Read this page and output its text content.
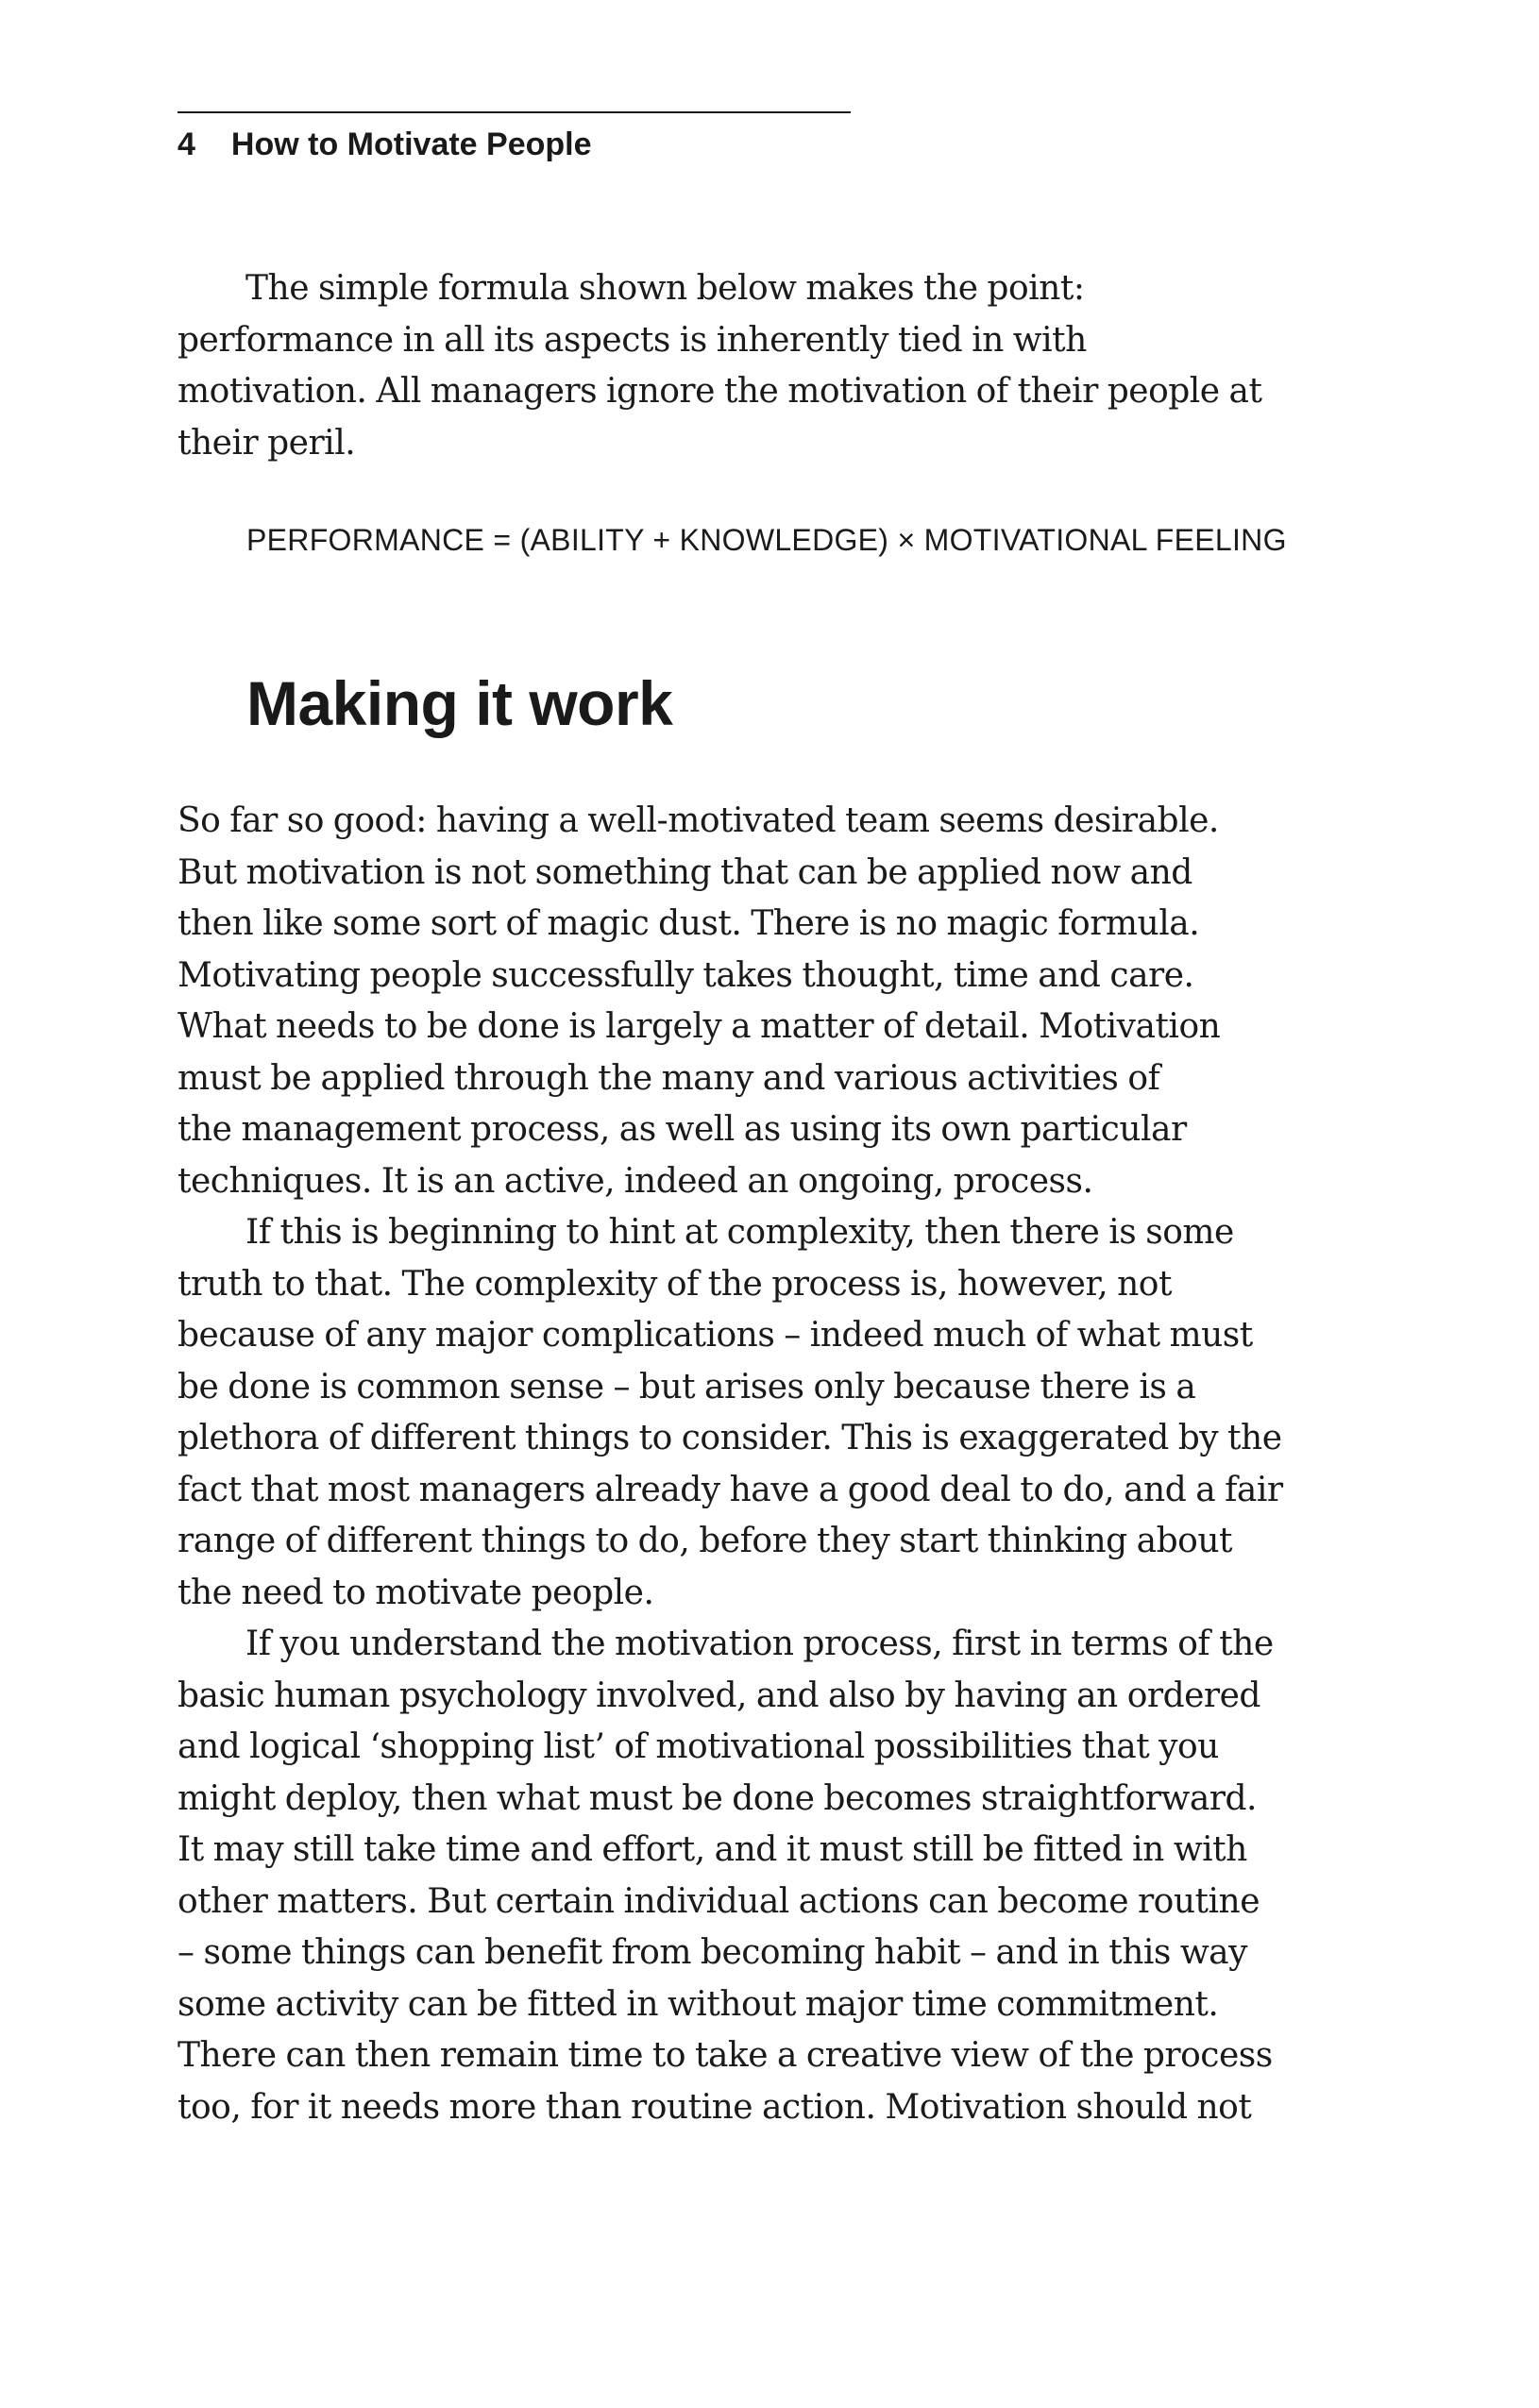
4 How to Motivate People

The simple formula shown below makes the point:
performance in all its aspects is inherently tied in with
motivation. All managers ignore the motivation of their people at
their peril.

PERFORMANCE = (ABILITY + KNOWLEDGE) × MOTIVATIONAL FEELING
Making it work

So far so good: having a well-motivated team seems desirable.
But motivation is not something that can be applied now and
then like some sort of magic dust. There is no magic formula.
Motivating people successfully takes thought, time and care.
What needs to be done is largely a matter of detail. Motivation
must be applied through the many and various activities of
the management process, as well as using its own particular
techniques. It is an active, indeed an ongoing, process.

If this is beginning to hint at complexity, then there is some
truth to that. The complexity of the process is, however, not
because of any major complications – indeed much of what must
be done is common sense – but arises only because there is a
plethora of different things to consider. This is exaggerated by the
fact that most managers already have a good deal to do, and a fair
range of different things to do, before they start thinking about
the need to motivate people.

If you understand the motivation process, first in terms of the
basic human psychology involved, and also by having an ordered
and logical ‘shopping list’ of motivational possibilities that you
might deploy, then what must be done becomes straightforward.
It may still take time and effort, and it must still be fitted in with
other matters. But certain individual actions can become routine
– some things can benefit from becoming habit – and in this way
some activity can be fitted in without major time commitment.
There can then remain time to take a creative view of the process
too, for it needs more than routine action. Motivation should not
